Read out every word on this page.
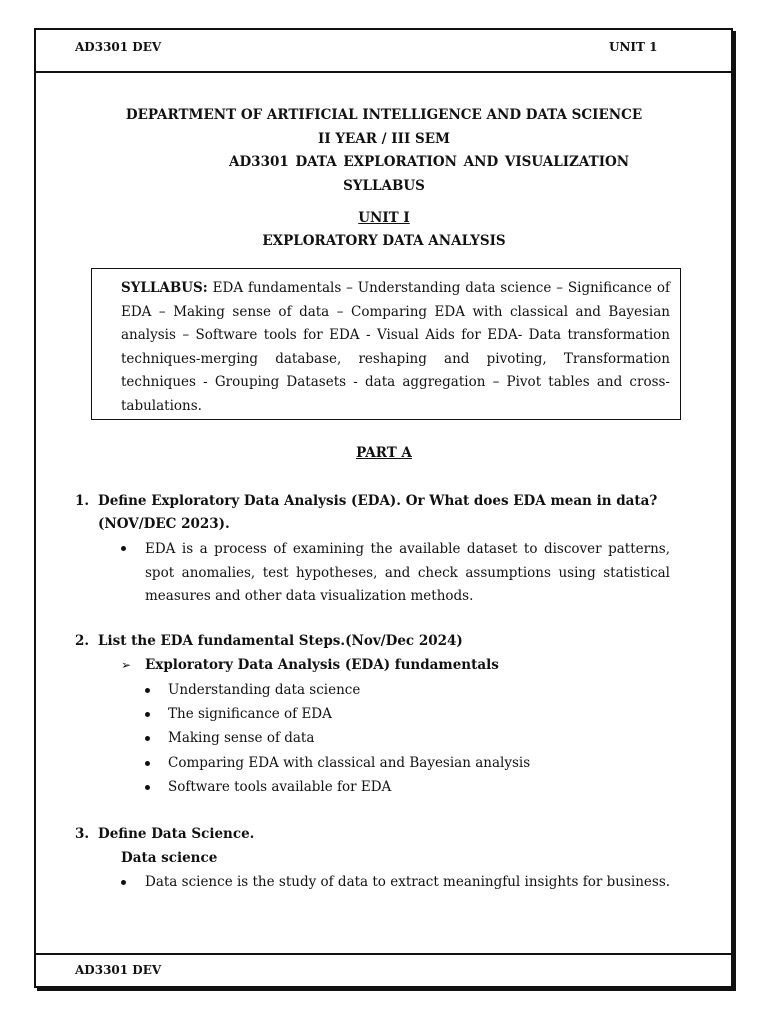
AD3301 DEV	UNIT 1
AD3301 DEV
DEPARTMENT OF ARTIFICIAL INTELLIGENCE AND DATA SCIENCE
II YEAR / III SEM
AD3301 DATA EXPLORATION AND VISUALIZATION
SYLLABUS
UNIT I
EXPLORATORY DATA ANALYSIS
SYLLABUS: EDA fundamentals – Understanding data science – Significance of EDA – Making sense of data – Comparing EDA with classical and Bayesian analysis – Software tools for EDA - Visual Aids for EDA- Data transformation techniques-merging database, reshaping and pivoting, Transformation techniques - Grouping Datasets - data aggregation – Pivot tables and cross-tabulations.
PART A
1. Define Exploratory Data Analysis (EDA). Or What does EDA mean in data?
(NOV/DEC 2023).
EDA is a process of examining the available dataset to discover patterns, spot anomalies, test hypotheses, and check assumptions using statistical measures and other data visualization methods.
2. List the EDA fundamental Steps.(Nov/Dec 2024)
➢ Exploratory Data Analysis (EDA) fundamentals
Understanding data science
The significance of EDA
Making sense of data
Comparing EDA with classical and Bayesian analysis
Software tools available for EDA
3. Define Data Science.
Data science
Data science is the study of data to extract meaningful insights for business.
